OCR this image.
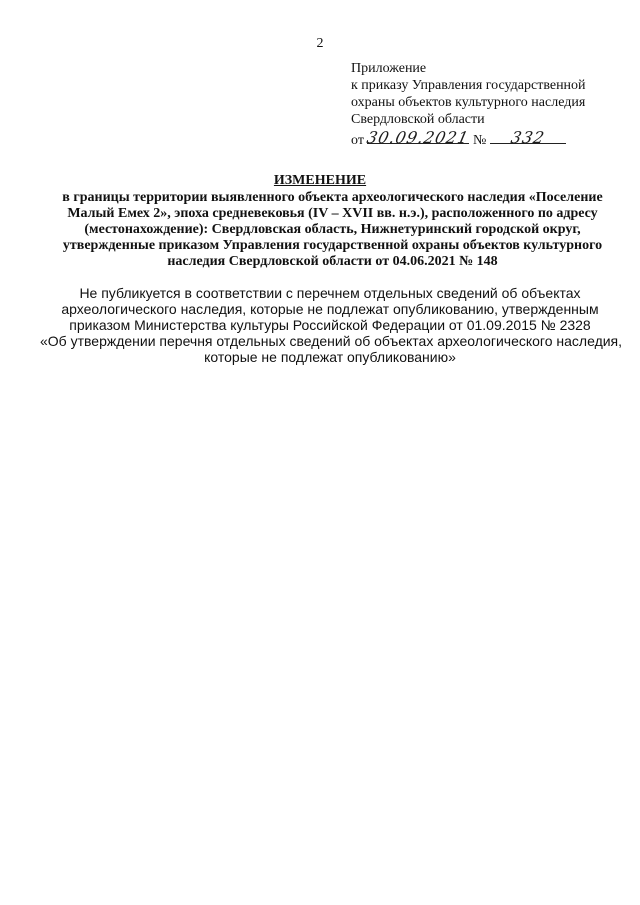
2
Приложение
к приказу Управления государственной
охраны объектов культурного наследия
Свердловской области
от 30.09.2021 №	332
ИЗМЕНЕНИЕ
в границы территории выявленного объекта археологического наследия «Поселение
Малый Емех 2», эпоха средневековья (IV – XVII вв. н.э.), расположенного по адресу
(местонахождение): Свердловская область, Нижнетуринский городской округ,
утвержденные приказом Управления государственной охраны объектов культурного
наследия Свердловской области от 04.06.2021 № 148
Не публикуется в соответствии с перечнем отдельных сведений об объектах
археологического наследия, которые не подлежат опубликованию, утвержденным
приказом Министерства культуры Российской Федерации от 01.09.2015 № 2328
«Об утверждении перечня отдельных сведений об объектах археологического наследия,
которые не подлежат опубликованию»
